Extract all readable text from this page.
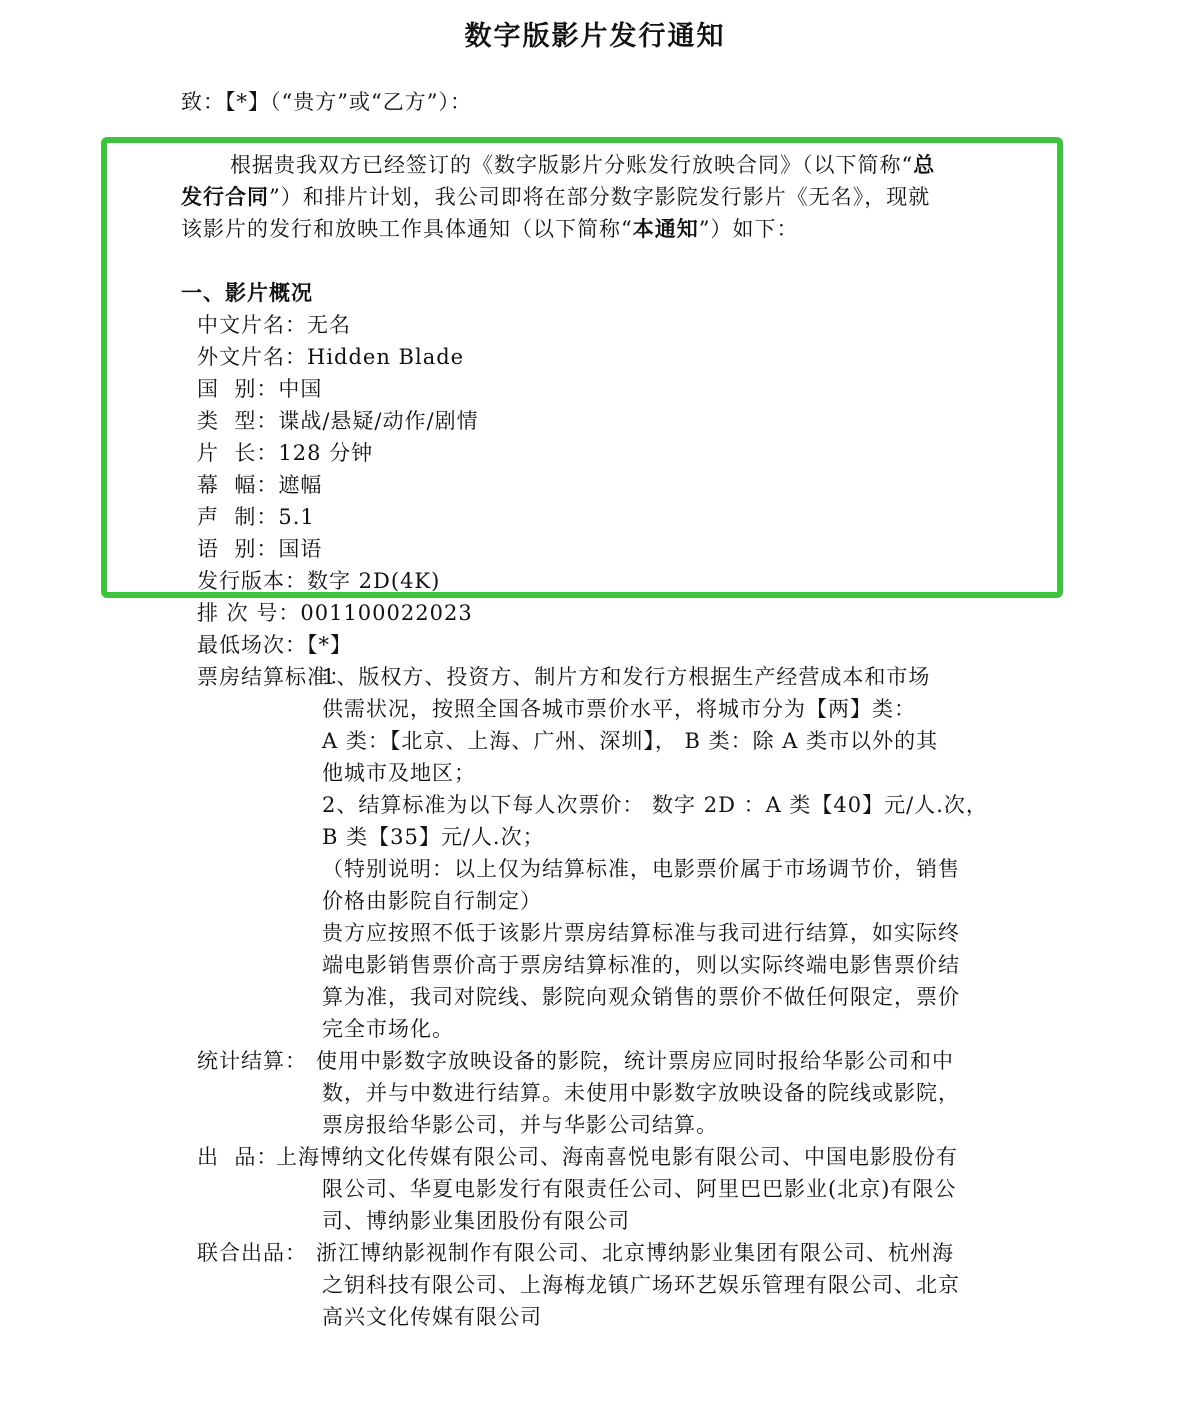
数字版影片发行通知
致：【*】（“贵方”或“乙方”）：
根据贵我双方已经签订的《数字版影片分账发行放映合同》（以下简称“总
发行合同”）和排片计划，我公司即将在部分数字影院发行影片《无名》，现就
该影片的发行和放映工作具体通知（以下简称“本通知”）如下：
一、影片概况
中文片名：无名
外文片名：Hidden Blade
国  别：中国
类  型：谍战/悬疑/动作/剧情
片  长：128 分钟
幕  幅：遮幅
声  制：5.1
语  别：国语
发行版本：数字 2D(4K)
排 次 号：001100022023
最低场次：【*】
票房结算标准：
1、版权方、投资方、制片方和发行方根据生产经营成本和市场
供需状况，按照全国各城市票价水平，将城市分为【两】类：
A 类：【北京、上海、广州、深圳】， B 类：除 A 类市以外的其
他城市及地区；
2、结算标准为以下每人次票价： 数字 2D ：A 类【40】元/人.次，
B 类【35】元/人.次；
（特别说明：以上仅为结算标准，电影票价属于市场调节价，销售
价格由影院自行制定）
贵方应按照不低于该影片票房结算标准与我司进行结算，如实际终
端电影销售票价高于票房结算标准的，则以实际终端电影售票价结
算为准，我司对院线、影院向观众销售的票价不做任何限定，票价
完全市场化。
统计结算： 使用中影数字放映设备的影院，统计票房应同时报给华影公司和中
数，并与中数进行结算。未使用中影数字放映设备的院线或影院，
票房报给华影公司，并与华影公司结算。
出  品：
上海博纳文化传媒有限公司、海南喜悦电影有限公司、中国电影股份有
限公司、华夏电影发行有限责任公司、阿里巴巴影业(北京)有限公
司、博纳影业集团股份有限公司
联合出品： 浙江博纳影视制作有限公司、北京博纳影业集团有限公司、杭州海
之钥科技有限公司、上海梅龙镇广场环艺娱乐管理有限公司、北京
高兴文化传媒有限公司
